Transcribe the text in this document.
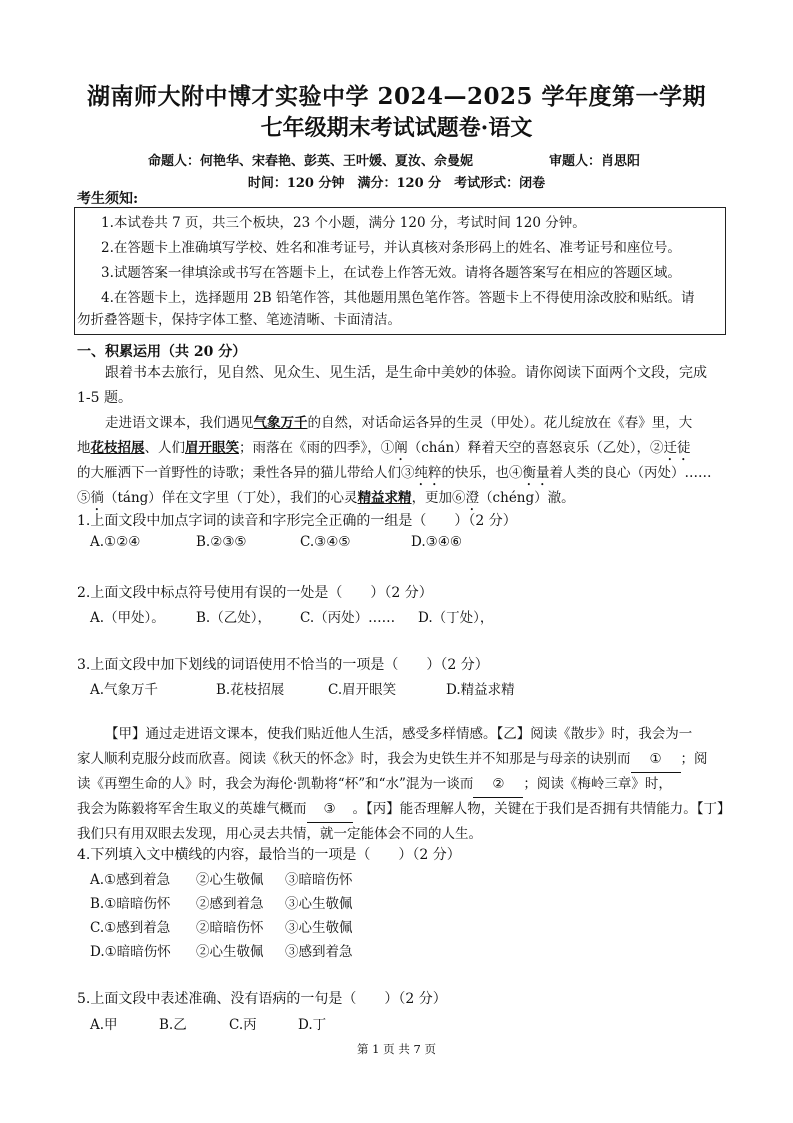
湖南师大附中博才实验中学 2024—2025 学年度第一学期
七年级期末考试试题卷·语文
命题人：何艳华、宋春艳、彭英、王叶媛、夏汝、佘曼妮	审题人：肖思阳
时间：120 分钟　满分：120 分　考试形式：闭卷
考生须知:

1.本试卷共 7 页，共三个板块，23 个小题，满分 120 分，考试时间 120 分钟。

2.在答题卡上准确填写学校、姓名和准考证号，并认真核对条形码上的姓名、准考证号和座位号。

3.试题答案一律填涂或书写在答题卡上，在试卷上作答无效。请将各题答案写在相应的答题区域。

4.在答题卡上，选择题用 2B 铅笔作答，其他题用黑色笔作答。答题卡上不得使用涂改胶和贴纸。请

勿折叠答题卡，保持字体工整、笔迹清晰、卡面清洁。

一、积累运用（共 20 分）
跟着书本去旅行，见自然、见众生、见生活，是生命中美妙的体验。请你阅读下面两个文段，完成 1-5 题。
走进语文课本，我们遇见气象万千的自然，对话命运各异的生灵（甲处）。花儿绽放在《春》里，大
地花枝招展、人们眉开眼笑；雨落在《雨的四季》，①阐（chán）释着天空的喜怒哀乐（乙处），②迁徒
的大雁洒下一首野性的诗歌；秉性各异的猫儿带给人们③纯粹的快乐，也④衡量着人类的良心（丙处）……
⑤徜（táng）佯在文字里（丁处），我们的心灵精益求精，更加⑥澄（chéng）澈。
1.上面文段中加点字词的读音和字形完全正确的一组是（　　）（2 分）
A.①②④	B.②③⑤	C.③④⑤	D.③④⑥
2.上面文段中标点符号使用有误的一处是（　　）（2 分）
A.（甲处）。 B.（乙处）， C.（丙处）…… D.（丁处），
3.上面文段中加下划线的词语使用不恰当的一项是（　　）（2 分）
A.气象万千	B.花枝招展	C.眉开眼笑	D.精益求精
【甲】通过走进语文课本，使我们贴近他人生活，感受多样情感。【乙】阅读《散步》时，我会为一
家人顺利克服分歧而欣喜。阅读《秋天的怀念》时，我会为史铁生并不知那是与母亲的诀别而 ① ；阅
读《再塑生命的人》时，我会为海伦·凯勒将“杯”和“水”混为一谈而 ② ；阅读《梅岭三章》时，
我会为陈毅将军舍生取义的英雄气概而 ③ 。【丙】能否理解人物，关键在于我们是否拥有共情能力。【丁】
我们只有用双眼去发现，用心灵去共情，就一定能体会不同的人生。
4.下列填入文中横线的内容，最恰当的一项是（　　）（2 分）
A.①感到着急 ②心生敬佩 ③暗暗伤怀
B.①暗暗伤怀 ②感到着急 ③心生敬佩
C.①感到着急 ②暗暗伤怀 ③心生敬佩
D.①暗暗伤怀 ②心生敬佩 ③感到着急
5.上面文段中表述准确、没有语病的一句是（　　）（2 分）
A.甲	B.乙	C.丙	D.丁
第 1 页 共 7 页
